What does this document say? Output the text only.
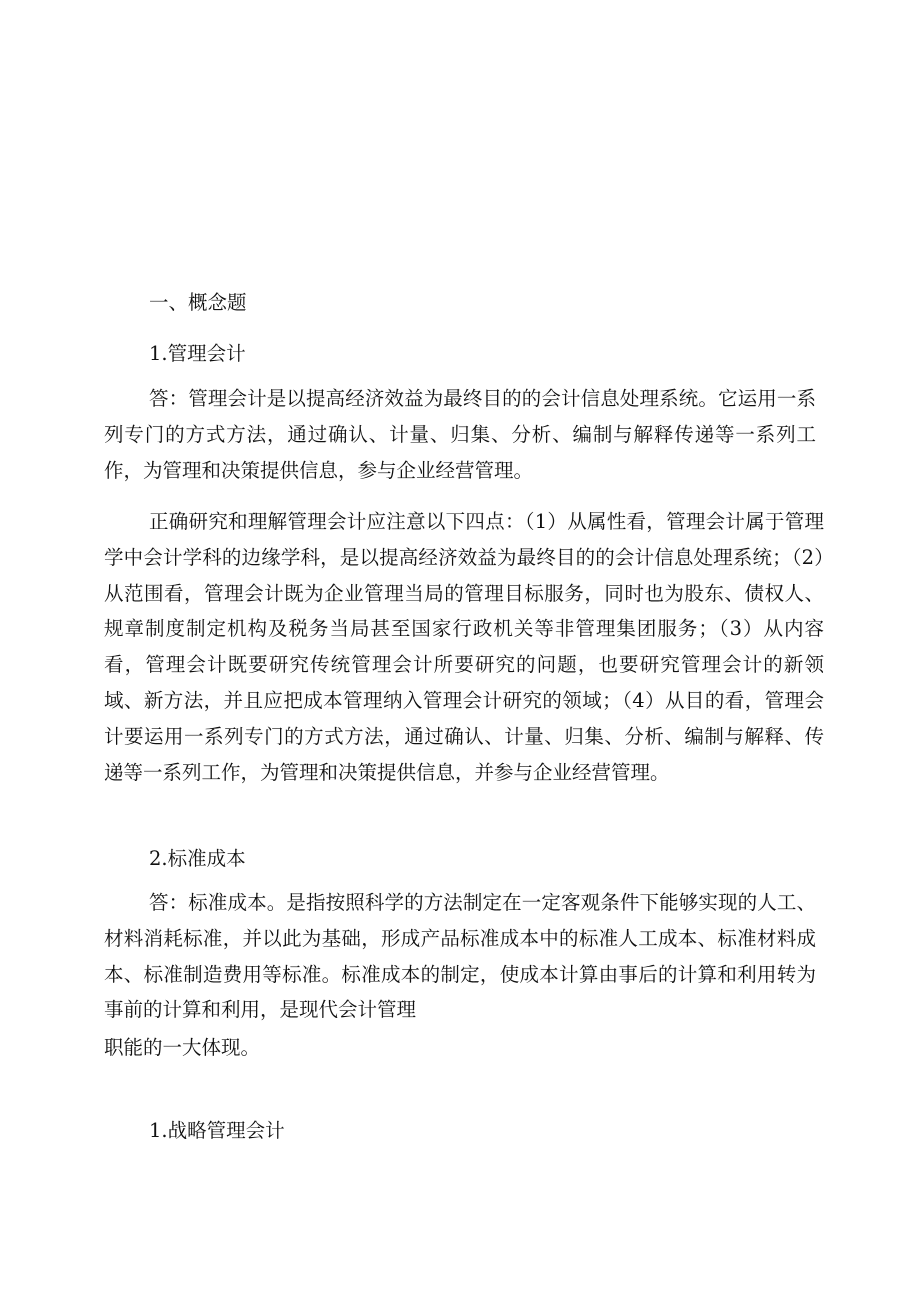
一、概念题

1.管理会计

答：管理会计是以提高经济效益为最终目的的会计信息处理系统。它运用一系列专门的方式方法，通过确认、计量、归集、分析、编制与解释传递等一系列工作，为管理和决策提供信息，参与企业经营管理。

正确研究和理解管理会计应注意以下四点：（1）从属性看，管理会计属于管理学中会计学科的边缘学科，是以提高经济效益为最终目的的会计信息处理系统；（2）从范围看，管理会计既为企业管理当局的管理目标服务，同时也为股东、债权人、规章制度制定机构及税务当局甚至国家行政机关等非管理集团服务；（3）从内容看，管理会计既要研究传统管理会计所要研究的问题，也要研究管理会计的新领域、新方法，并且应把成本管理纳入管理会计研究的领域；（4）从目的看，管理会计要运用一系列专门的方式方法，通过确认、计量、归集、分析、编制与解释、传递等一系列工作，为管理和决策提供信息，并参与企业经营管理。

2.标准成本

答：标准成本。是指按照科学的方法制定在一定客观条件下能够实现的人工、材料消耗标准，并以此为基础，形成产品标准成本中的标准人工成本、标准材料成本、标准制造费用等标准。标准成本的制定，使成本计算由事后的计算和利用转为事前的计算和利用，是现代会计管理

职能的一大体现。

1.战略管理会计
